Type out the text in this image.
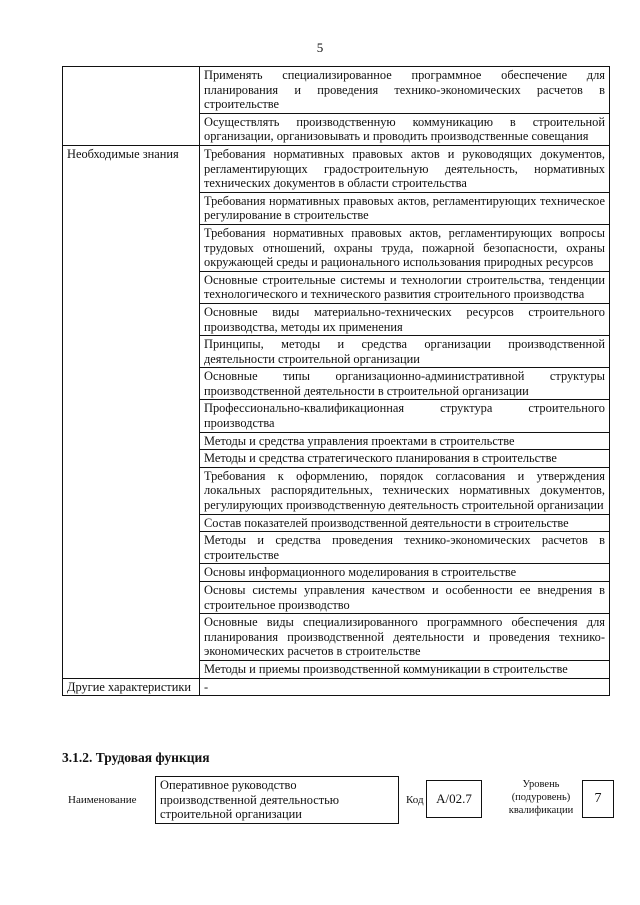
5
	Применять специализированное программное обеспечение для планирования и проведения технико-экономических расчетов в строительстве
	Осуществлять производственную коммуникацию в строительной организации, организовывать и проводить производственные совещания
Необходимые знания	Требования нормативных правовых актов и руководящих документов, регламентирующих градостроительную деятельность, нормативных технических документов в области строительства
	Требования нормативных правовых актов, регламентирующих техническое регулирование в строительстве
	Требования нормативных правовых актов, регламентирующих вопросы трудовых отношений, охраны труда, пожарной безопасности, охраны окружающей среды и рационального использования природных ресурсов
	Основные строительные системы и технологии строительства, тенденции технологического и технического развития строительного производства
	Основные виды материально-технических ресурсов строительного производства, методы их применения
	Принципы, методы и средства организации производственной деятельности строительной организации
	Основные типы организационно-административной структуры производственной деятельности в строительной организации
	Профессионально-квалификационная структура строительного производства
	Методы и средства управления проектами в строительстве
	Методы и средства стратегического планирования в строительстве
	Требования к оформлению, порядок согласования и утверждения локальных распорядительных, технических нормативных документов, регулирующих производственную деятельность строительной организации
	Состав показателей производственной деятельности в строительстве
	Методы и средства проведения технико-экономических расчетов в строительстве
	Основы информационного моделирования в строительстве
	Основы системы управления качеством и особенности ее внедрения в строительное производство
	Основные виды специализированного программного обеспечения для планирования производственной деятельности и проведения технико-экономических расчетов в строительстве
	Методы и приемы производственной коммуникации в строительстве
Другие характеристики	-
3.1.2. Трудовая функция
Наименование
Оперативное руководство производственной деятельностью строительной организации
Код A/02.7
Уровень (подуровень) квалификации
7
